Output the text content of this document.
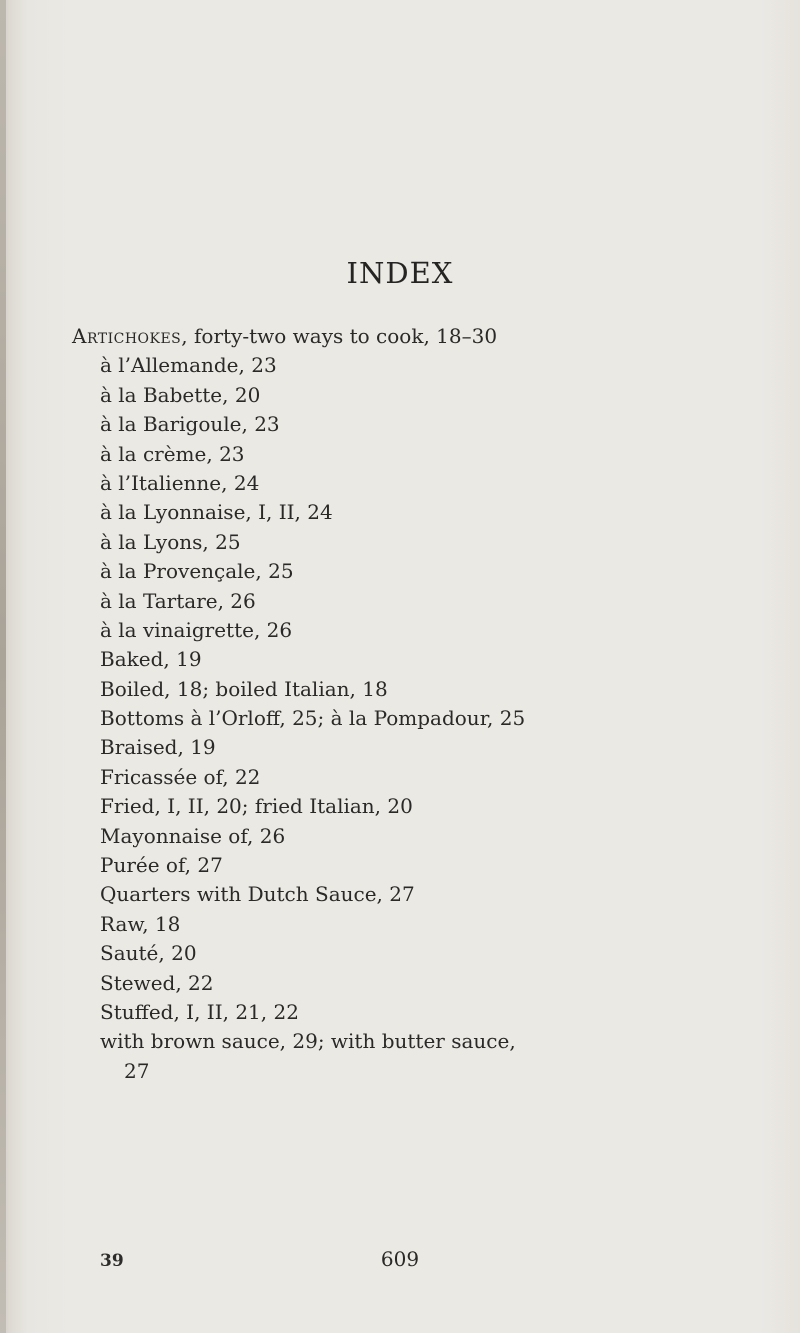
INDEX
Artichokes, forty-two ways to cook, 18–30
à l’Allemande, 23
à la Babette, 20
à la Barigoule, 23
à la crème, 23
à l’Italienne, 24
à la Lyonnaise, I, II, 24
à la Lyons, 25
à la Provençale, 25
à la Tartare, 26
à la vinaigrette, 26
Baked, 19
Boiled, 18; boiled Italian, 18
Bottoms à l’Orloff, 25; à la Pompadour, 25
Braised, 19
Fricassée of, 22
Fried, I, II, 20; fried Italian, 20
Mayonnaise of, 26
Purée of, 27
Quarters with Dutch Sauce, 27
Raw, 18
Sauté, 20
Stewed, 22
Stuffed, I, II, 21, 22
with brown sauce, 29; with butter sauce,
27
39	609
